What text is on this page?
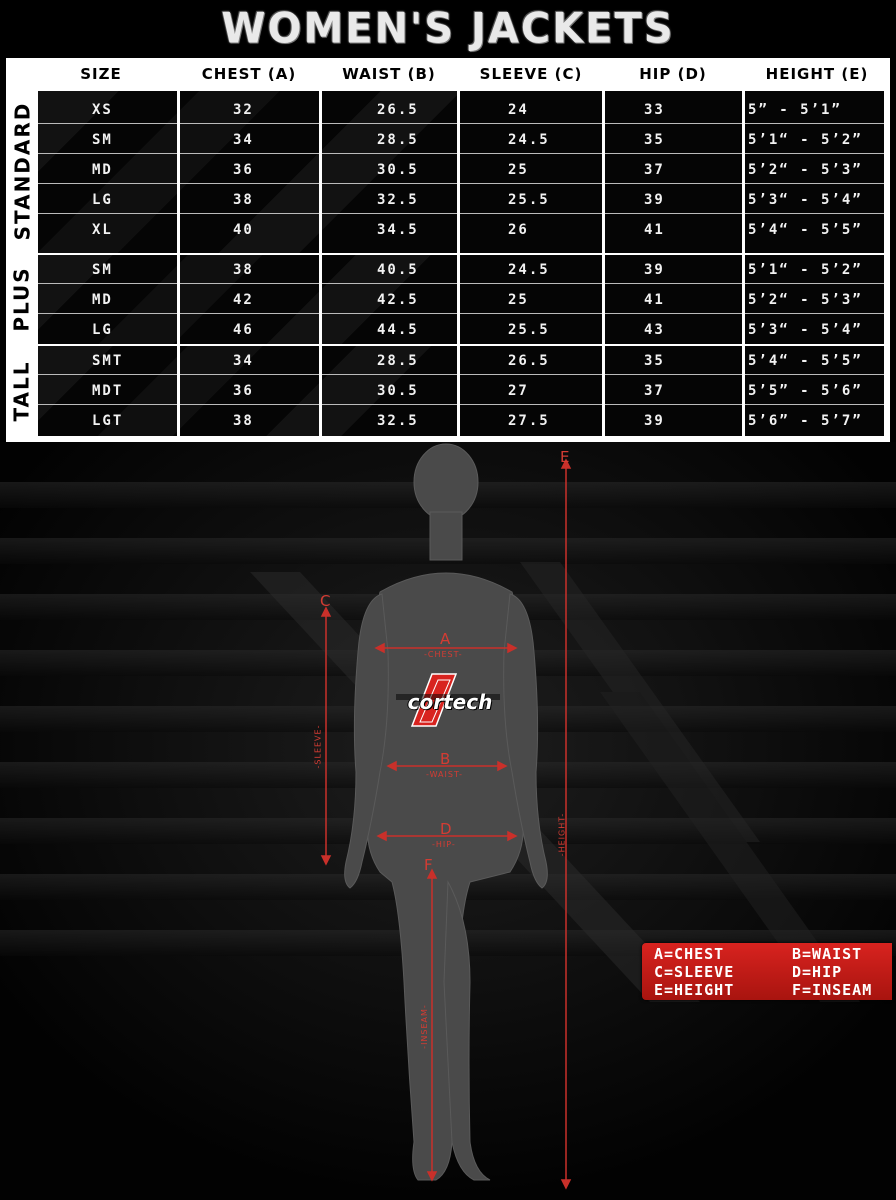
WOMEN'S JACKETS
SIZE	CHEST (A)	WAIST (B)	SLEEVE (C)	HIP (D)	HEIGHT (E)
STANDARD
PLUS
TALL
XS	32	26.5	24	33	5” - 5’1”
SM	34	28.5	24.5	35	5’1“ - 5’2”
MD	36	30.5	25	37	5’2“ - 5’3”
LG	38	32.5	25.5	39	5’3“ - 5’4”
XL	40	34.5	26	41	5’4“ - 5’5”
SM	38	40.5	24.5	39	5’1“ - 5’2”
MD	42	42.5	25	41	5’2“ - 5’3”
LG	46	44.5	25.5	43	5’3“ - 5’4”
SMT	34	28.5	26.5	35	5’4“ - 5’5”
MDT	36	30.5	27	37	5’5” - 5’6”
LGT	38	32.5	27.5	39	5’6” - 5’7”
A
-CHEST-
B
-WAIST-
D
-HIP-
C
-SLEEVE-
E
-HEIGHT-
F
-INSEAM-
cortech
A=CHEST	B=WAIST
C=SLEEVE	D=HIP
E=HEIGHT	F=INSEAM
